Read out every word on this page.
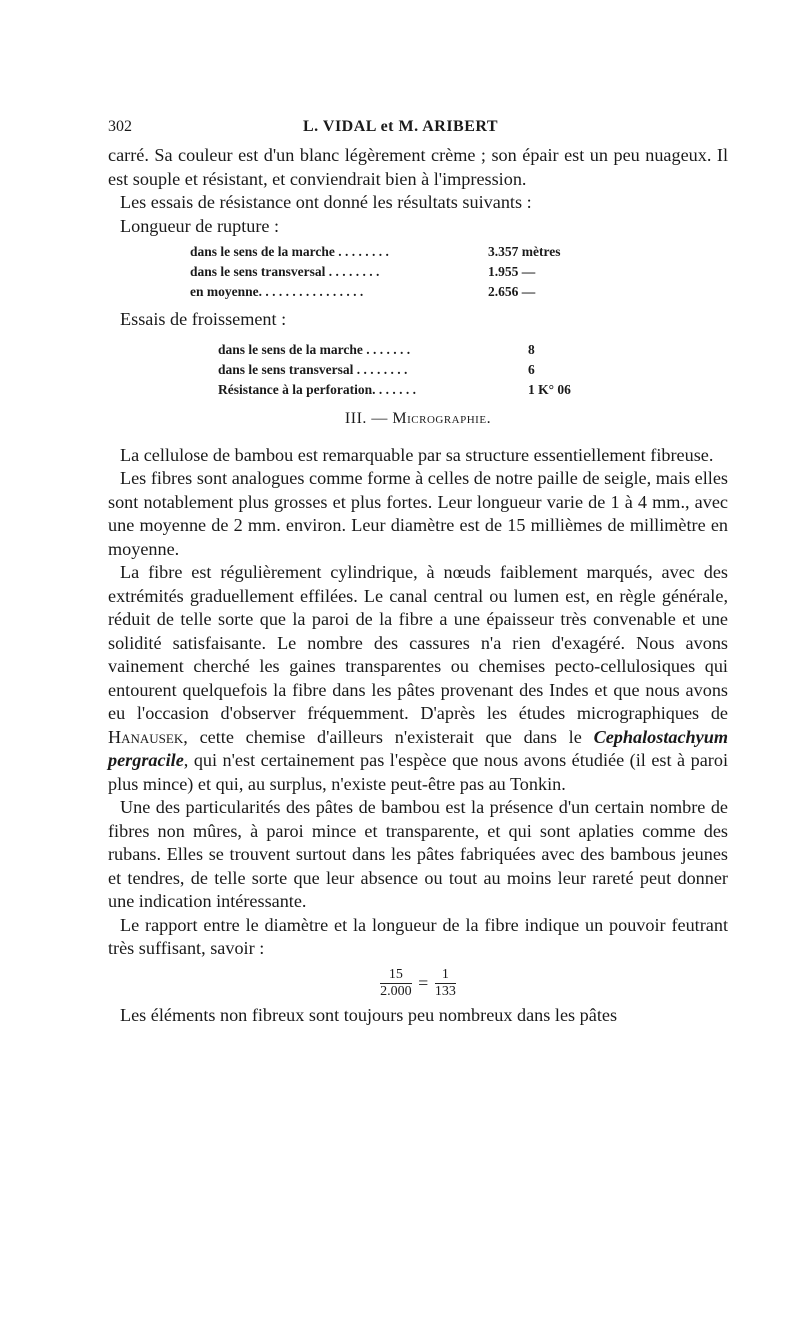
302	L. VIDAL et M. ARIBERT

carré. Sa couleur est d'un blanc légèrement crème ; son épair est un peu nuageux. Il est souple et résistant, et conviendrait bien à l'impression.

Les essais de résistance ont donné les résultats suivants :

Longueur de rupture :

dans le sens de la marche . . . . . . . .	3.357 mètres
dans le sens transversal . . . . . . . .	1.955 —
en moyenne. . . . . . . . . . . . . . . .	2.656 —

Essais de froissement :

dans le sens de la marche . . . . . . .	8
dans le sens transversal . . . . . . . .	6
Résistance à la perforation. . . . . . .	1 K° 06
III. — Micrographie.

La cellulose de bambou est remarquable par sa structure essentiellement fibreuse.

Les fibres sont analogues comme forme à celles de notre paille de seigle, mais elles sont notablement plus grosses et plus fortes. Leur longueur varie de 1 à 4 mm., avec une moyenne de 2 mm. environ. Leur diamètre est de 15 millièmes de millimètre en moyenne.

La fibre est régulièrement cylindrique, à nœuds faiblement marqués, avec des extrémités graduellement effilées. Le canal central ou lumen est, en règle générale, réduit de telle sorte que la paroi de la fibre a une épaisseur très convenable et une solidité satisfaisante. Le nombre des cassures n'a rien d'exagéré. Nous avons vainement cherché les gaines transparentes ou chemises pecto-cellulosiques qui entourent quelquefois la fibre dans les pâtes provenant des Indes et que nous avons eu l'occasion d'observer fréquemment. D'après les études micrographiques de Hanausek, cette chemise d'ailleurs n'existerait que dans le Cephalostachyum pergracile, qui n'est certainement pas l'espèce que nous avons étudiée (il est à paroi plus mince) et qui, au surplus, n'existe peut-être pas au Tonkin.

Une des particularités des pâtes de bambou est la présence d'un certain nombre de fibres non mûres, à paroi mince et transparente, et qui sont aplaties comme des rubans. Elles se trouvent surtout dans les pâtes fabriquées avec des bambous jeunes et tendres, de telle sorte que leur absence ou tout au moins leur rareté peut donner une indication intéressante.

Le rapport entre le diamètre et la longueur de la fibre indique un pouvoir feutrant très suffisant, savoir :

$\frac{15}{2.000} = \frac{1}{133}$

Les éléments non fibreux sont toujours peu nombreux dans les pâtes
